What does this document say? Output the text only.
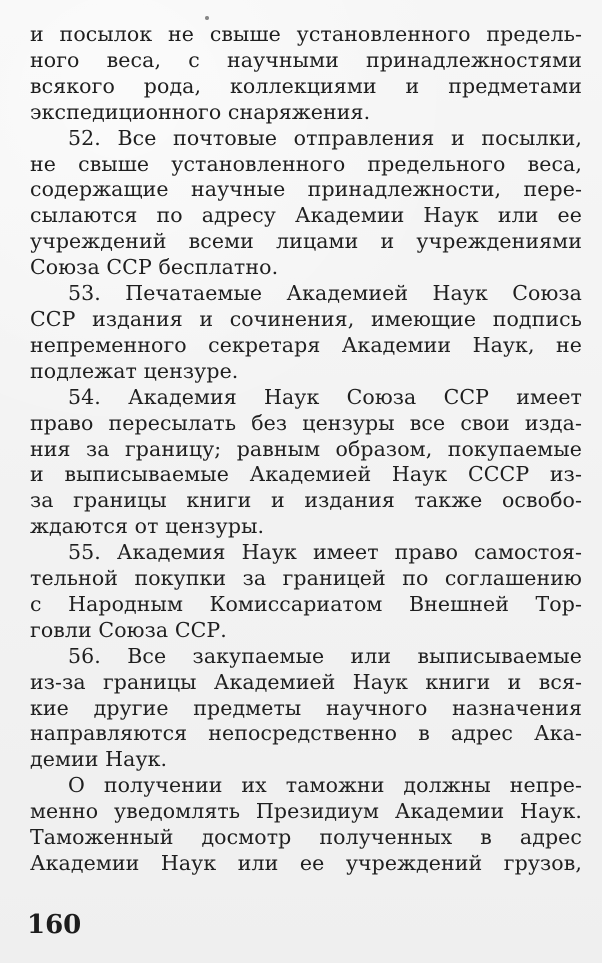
и посылок не свыше установленного предель-
ного веса, с научными принадлежностями
всякого рода, коллекциями и предметами
экспедиционного снаряжения.
52. Все почтовые отправления и посылки,
не свыше установленного предельного веса,
содержащие научные принадлежности, пере-
сылаются по адресу Академии Наук или ее
учреждений всеми лицами и учреждениями
Союза ССР бесплатно.
53. Печатаемые Академией Наук Союза
ССР издания и сочинения, имеющие подпись
непременного секретаря Академии Наук, не
подлежат цензуре.
54. Академия Наук Союза ССР имеет
право пересылать без цензуры все свои изда-
ния за границу; равным образом, покупаемые
и выписываемые Академией Наук СССР из-
за границы книги и издания также освобо-
ждаются от цензуры.
55. Академия Наук имеет право самостоя-
тельной покупки за границей по соглашению
с Народным Комиссариатом Внешней Тор-
говли Союза ССР.
56. Все закупаемые или выписываемые
из-за границы Академией Наук книги и вся-
кие другие предметы научного назначения
направляются непосредственно в адрес Ака-
демии Наук.
О получении их таможни должны непре-
менно уведомлять Президиум Академии Наук.
Таможенный досмотр полученных в адрес
Академии Наук или ее учреждений грузов,
160
